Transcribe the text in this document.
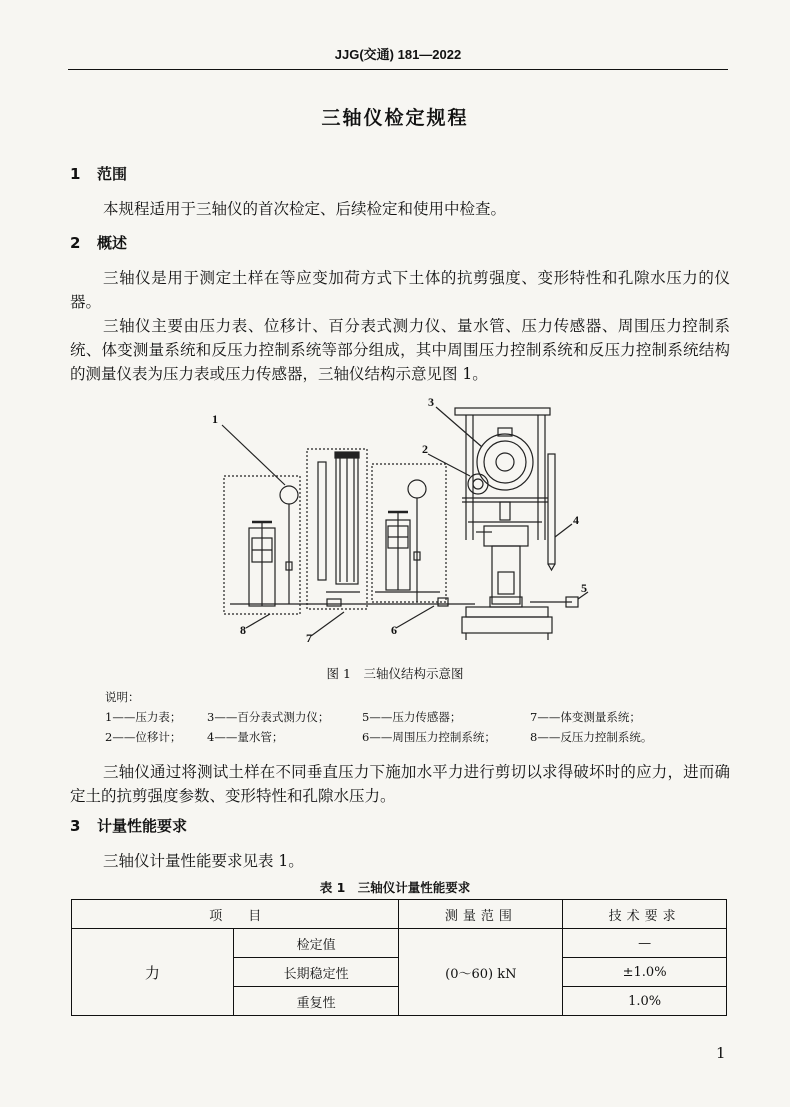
JJG(交通) 181—2022
三轴仪检定规程
1 范围
本规程适用于三轴仪的首次检定、后续检定和使用中检查。
2 概述
三轴仪是用于测定土样在等应变加荷方式下土体的抗剪强度、变形特性和孔隙水压力的仪器。
三轴仪主要由压力表、位移计、百分表式测力仪、量水管、压力传感器、周围压力控制系统、体变测量系统和反压力控制系统等部分组成，其中周围压力控制系统和反压力控制系统结构的测量仪表为压力表或压力传感器，三轴仪结构示意见图 1。
1
2
3
4
5
6
7
8
图 1　三轴仪结构示意图
说明：
1——压力表； 3——百分表式测力仪；	5——压力传感器；	7——体变测量系统；
2——位移计； 4——量水管；	6——周围压力控制系统；	8——反压力控制系统。
三轴仪通过将测试土样在不同垂直压力下施加水平力进行剪切以求得破坏时的应力，进而确定土的抗剪强度参数、变形特性和孔隙水压力。
3 计量性能要求
三轴仪计量性能要求见表 1。
表 1　三轴仪计量性能要求
项　　目		测量范围	技术要求
力	检定值	(0～60) kN	—
	长期稳定性		±1.0%
	重复性		1.0%
1
